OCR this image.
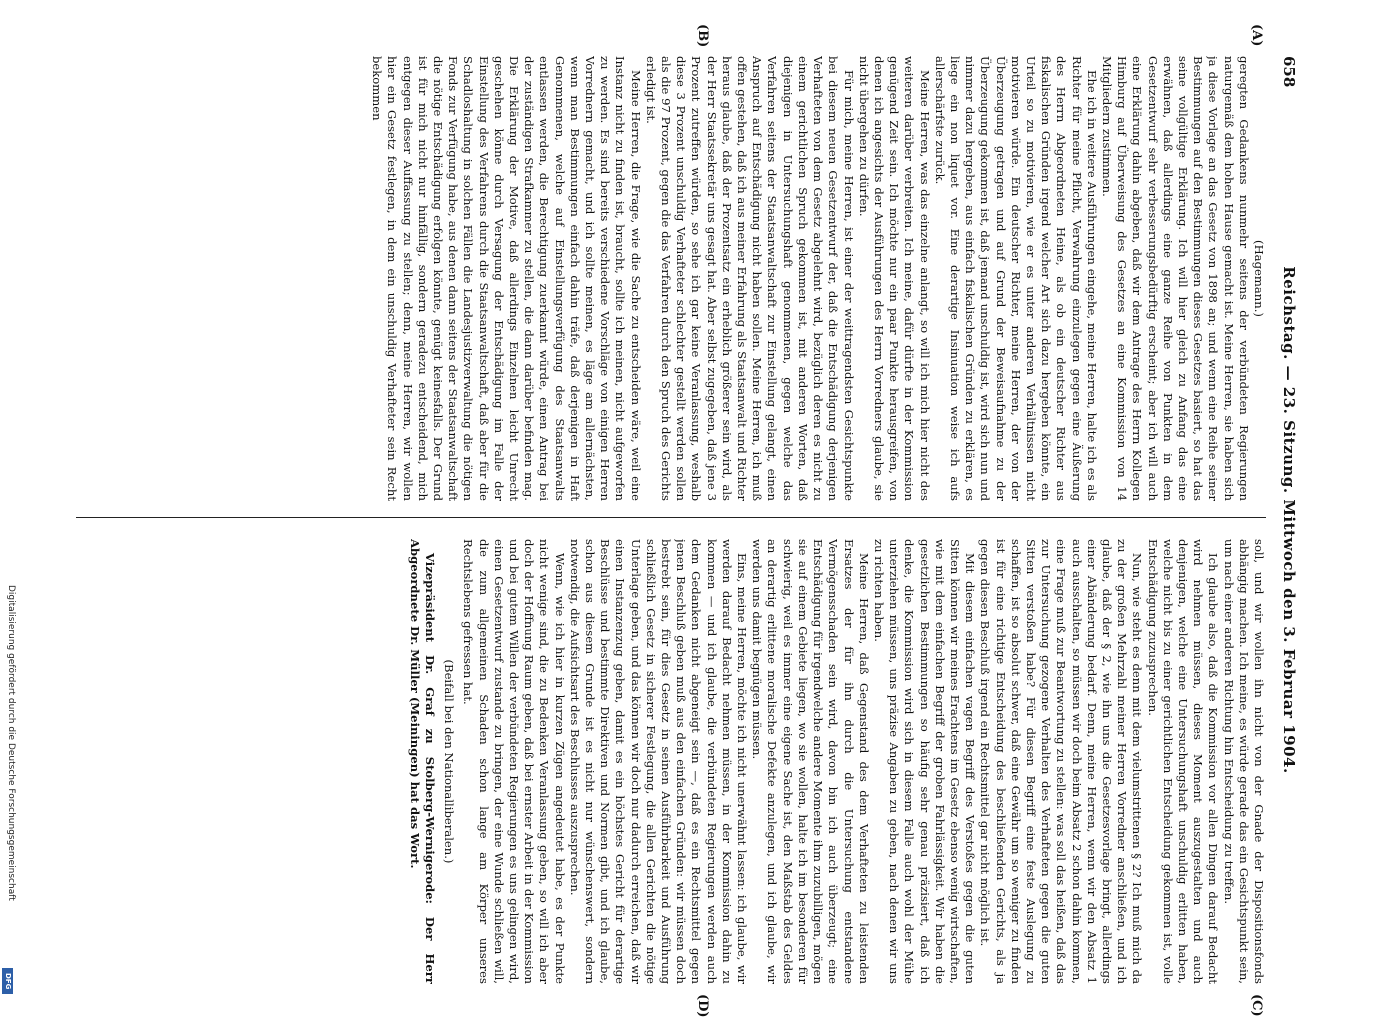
Digitalisierung gefördert durch die Deutsche Forschungsgemeinschaft
DFG
658
Reichstag. — 23. Sitzung. Mittwoch den 3. Februar 1904.
(A)
(B)
(C)
(D)

(Hagemann.)

geregten Gedankens nunmehr seitens der verbündeten Regierungen naturgemäß dem hohen Hause gemacht ist. Meine Herren, sie haben sich ja diese Vorlage an das Gesetz von 1898 an; und wenn eine Reihe seiner Bestimmungen auf den Bestimmungen dieses Gesetzes basiert, so hat das seine vollgültige Erklärung. Ich will hier gleich zu Anfang das eine erwähnen, daß allerdings eine ganze Reihe von Punkten in dem Gesetzentwurf sehr verbesserungsbedürftig erscheint; aber ich will auch eine Erklärung dahin abgeben, daß wir dem Antrage des Herrn Kollegen Himburg auf Überweisung des Gesetzes an eine Kommission von 14 Mitgliedern zustimmen.

Ehe ich in weitere Ausführungen eingehe, meine Herren, halte ich es als Richter für meine Pflicht, Verwahrung einzulegen gegen eine Äußerung des Herrn Abgeordneten Heine, als ob ein deutscher Richter aus fiskalischen Gründen irgend welcher Art sich dazu hergeben könnte, ein Urteil so zu motivieren, wie er es unter anderen Verhältnissen nicht motivieren würde. Ein deutscher Richter, meine Herren, der von der Überzeugung getragen und auf Grund der Beweisaufnahme zu der Überzeugung gekommen ist, daß jemand unschuldig ist, wird sich nun und nimmer dazu hergeben, aus einfach fiskalischen Gründen zu erklären, es liege ein non liquet vor. Eine derartige Insinuation weise ich aufs allerschärfste zurück.

Meine Herren, was das einzelne anlangt, so will ich mich hier nicht des weiteren darüber verbreiten. Ich meine, dafür dürfte in der Kommission genügend Zeit sein. Ich möchte nur ein paar Punkte herausgreifen, von denen ich angesichts der Ausführungen des Herrn Vorredners glaube, sie nicht übergehen zu dürfen.

Für mich, meine Herren, ist einer der weittragendsten Gesichtspunkte bei diesem neuen Gesetzentwurf der, daß die Entschädigung derjenigen Verhafteten von dem Gesetz abgelehnt wird, bezüglich deren es nicht zu einem gerichtlichen Spruch gekommen ist, mit anderen Worten, daß diejenigen in Untersuchungshaft genommenen, gegen welche das Verfahren seitens der Staatsanwaltschaft zur Einstellung gelangt, einen Anspruch auf Entschädigung nicht haben sollen. Meine Herren, ich muß offen gestehen, daß ich aus meiner Erfahrung als Staatsanwalt und Richter heraus glaube, daß der Prozentsatz ein erheblich größerer sein wird, als der Herr Staatssekretär uns gesagt hat. Aber selbst zugegeben, daß jene 3 Prozent zutreffen würden, so sehe ich gar keine Veranlassung, weshalb diese 3 Prozent unschuldig Verhafteter schlechter gestellt werden sollen als die 97 Prozent, gegen die das Verfahren durch den Spruch des Gerichts erledigt ist.

Meine Herren, die Frage, wie die Sache zu entscheiden wäre, weil eine Instanz nicht zu finden ist, braucht, sollte ich meinen, nicht aufgeworfen zu werden. Es sind bereits verschiedene Vorschläge von einigen Herren Vorrednern gemacht, und ich sollte meinen, es läge am allernächsten, wenn man Bestimmungen einfach dahin träfe, daß derjenigen in Haft Genommenen, welche auf Einstellungsverfügung des Staatsanwalts entlassen werden, die Berechtigung zuerkannt würde, einen Antrag bei der zuständigen Strafkammer zu stellen, die dann darüber befinden mag. Die Erklärung der Motive, daß allerdings Einzelnen leicht Unrecht geschehen könne durch Versagung der Entschädigung im Falle der Einstellung des Verfahrens durch die Staatsanwaltschaft, daß aber für die Schadloshaltung in solchen Fällen die Landesjustizverwaltung die nötigen Fonds zur Verfügung habe, aus denen dann seitens der Staatsanwaltschaft die nötige Entschädigung erfolgen könnte, genügt keinesfalls. Der Grund ist für mich nicht nur hinfällig, sondern geradezu entscheidend, mich entgegen dieser Auffassung zu stellen; denn, meine Herren, wir wollen hier ein Gesetz festlegen, in dem ein unschuldig Verhafteter sein Recht bekommen

soll, und wir wollen ihn nicht von der Gnade der Dispositionsfonds abhängig machen. Ich meine, es würde gerade das ein Gesichtspunkt sein, um nach einer anderen Richtung hin Entscheidung zu treffen.

Ich glaube also, daß die Kommission vor allen Dingen darauf Bedacht wird nehmen müssen, dieses Moment auszugestalten und auch denjenigen, welche eine Untersuchungshaft unschuldig erlitten haben, welche nicht bis zu einer gerichtlichen Entscheidung gekommen ist, volle Entschädigung zuzusprechen.

Nun, wie steht es denn mit dem vielumstrittenen § 2? Ich muß mich da zu der großen Mehrzahl meiner Herren Vorredner anschließen, und ich glaube, daß der § 2, wie ihn uns die Gesetzesvorlage bringt, allerdings einer Abänderung bedarf. Denn, meine Herren, wenn wir den Absatz 1 auch ausschalten, so müssen wir doch beim Absatz 2 schon dahin kommen, eine Frage muß zur Beantwortung zu stellen: was soll das heißen, daß das zur Untersuchung gezogene Verhalten des Verhafteten gegen die guten Sitten verstoßen habe? Für diesen Begriff eine feste Auslegung zu schaffen, ist so absolut schwer, daß eine Gewähr um so weniger zu finden ist für eine richtige Entscheidung des beschließenden Gerichts, als ja gegen diesen Beschluß irgend ein Rechtsmittel gar nicht möglich ist.

Mit diesem einfachen vagen Begriff des Verstoßes gegen die guten Sitten können wir meines Erachtens im Gesetz ebenso wenig wirtschaften, wie mit dem einfachen Begriff der groben Fahrlässigkeit. Wir haben die gesetzlichen Bestimmungen so häufig sehr genau präzisiert, daß ich denke, die Kommission wird sich in diesem Falle auch wohl der Mühe unterziehen müssen, uns präzise Angaben zu geben, nach denen wir uns zu richten haben.

Meine Herren, daß Gegenstand des dem Verhafteten zu leistenden Ersatzes der für ihn durch die Untersuchung entstandene Vermögensschaden sein wird, davon bin ich auch überzeugt; eine Entschädigung für irgendwelche andere Momente ihm zuzubilligen, mögen sie auf einem Gebiete liegen, wo sie wollen, halte ich im besonderen für schwierig, weil es immer eine eigene Sache ist, den Maßstab des Geldes an derartig erlittene moralische Defekte anzulegen, und ich glaube, wir werden uns damit begnügen müssen.

Eins, meine Herren, möchte ich nicht unerwähnt lassen: ich glaube, wir werden darauf Bedacht nehmen müssen, in der Kommission dahin zu kommen — und ich glaube, die verbündeten Regierungen werden auch dem Gedanken nicht abgeneigt sein —, daß es ein Rechtsmittel gegen jenen Beschluß geben muß aus den einfachen Gründen: wir müssen doch bestrebt sein, für dies Gesetz in seinen Ausführbarkeit und Ausführung schließlich Gesetz in sicherer Festlegung, die allen Gerichten die nötige Unterlage geben, und das können wir doch nur dadurch erreichen, daß wir einen Instanzenzug geben, damit es ein höchstes Gericht für derartige Beschlüsse und bestimmte Direktiven und Normen gibt, und ich glaube, schon aus diesem Grunde ist es nicht nur wünschenswert, sondern notwendig, die Aufsichtsart des Beschlusses auszusprechen.

Wenn, wie ich hier in kurzen Zügen angedeutet habe, es der Punkte nicht wenige sind, die zu Bedenken Veranlassung geben, so will ich aber doch der Hoffnung Raum geben, daß bei ernster Arbeit in der Kommission und bei gutem Willen der verbündeten Regierungen es uns gelingen wird, einen Gesetzentwurf zustande zu bringen, der eine Wunde schließen will, die zum allgemeinen Schaden schon lange am Körper unseres Rechtslebens gefressen hat.

(Beifall bei den Nationalliberalen.)

Vizepräsident Dr. Graf zu Stolberg-Wernigerode: Der Herr Abgeordnete Dr. Müller (Meiningen) hat das Wort.
